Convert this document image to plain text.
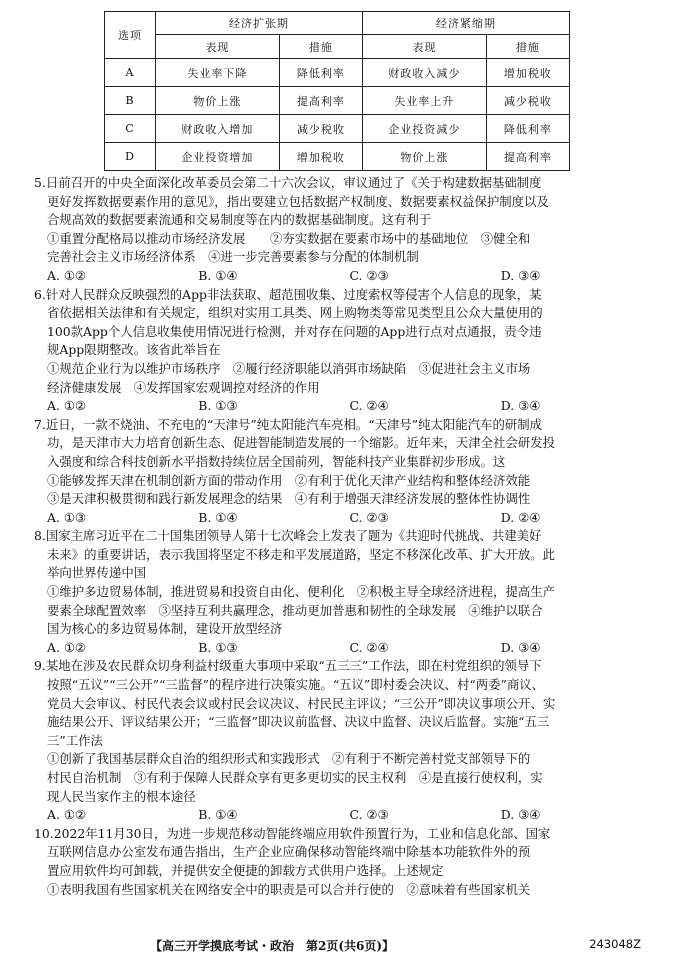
选项	经济扩张期		经济紧缩期	
	表现	措施	表现	措施
A	失业率下降	降低利率	财政收入减少	增加税收
B	物价上涨	提高利率	失业率上升	减少税收
C	财政收入增加	减少税收	企业投资减少	降低利率
D	企业投资增加	增加税收	物价上涨	提高利率

5.日前召开的中央全面深化改革委员会第二十六次会议，审议通过了《关于构建数据基础制度

更好发挥数据要素作用的意见》，指出要建立包括数据产权制度、数据要素权益保护制度以及

合规高效的数据要素流通和交易制度等在内的数据基础制度。这有利于

①重置分配格局以推动市场经济发展　　②夯实数据在要素市场中的基础地位　③健全和

完善社会主义市场经济体系　④进一步完善要素参与分配的体制机制

A. ①②	B. ①④	C. ②③	D. ③④

6.针对人民群众反映强烈的App非法获取、超范围收集、过度索权等侵害个人信息的现象，某

省依据相关法律和有关规定，组织对实用工具类、网上购物类等常见类型且公众大量使用的

100款App个人信息收集使用情况进行检测，并对存在问题的App进行点对点通报，责令违

规App限期整改。该省此举旨在

①规范企业行为以维护市场秩序　②履行经济职能以消弭市场缺陷　③促进社会主义市场

经济健康发展　④发挥国家宏观调控对经济的作用

A. ①②	B. ①③	C. ②④	D. ③④

7.近日，一款不烧油、不充电的“天津号”纯太阳能汽车亮相。“天津号”纯太阳能汽车的研制成

功，是天津市大力培育创新生态、促进智能制造发展的一个缩影。近年来，天津全社会研发投

入强度和综合科技创新水平指数持续位居全国前列，智能科技产业集群初步形成。这

①能够发挥天津在机制创新方面的带动作用　②有利于优化天津产业结构和整体经济效能

③是天津积极贯彻和践行新发展理念的结果　④有利于增强天津经济发展的整体性协调性

A. ①③	B. ①④	C. ②③	D. ②④

8.国家主席习近平在二十国集团领导人第十七次峰会上发表了题为《共迎时代挑战、共建美好

未来》的重要讲话，表示我国将坚定不移走和平发展道路，坚定不移深化改革、扩大开放。此

举向世界传递中国

①维护多边贸易体制，推进贸易和投资自由化、便利化　②积极主导全球经济进程，提高生产

要素全球配置效率　③坚持互利共赢理念，推动更加普惠和韧性的全球发展　④维护以联合

国为核心的多边贸易体制，建设开放型经济

A. ①②	B. ①③	C. ②④	D. ③④

9.某地在涉及农民群众切身利益村级重大事项中采取“五三三”工作法，即在村党组织的领导下

按照“五议”“三公开”“三监督”的程序进行决策实施。“五议”即村委会决议、村“两委”商议、

党员大会审议、村民代表会议或村民会议决议、村民民主评议；“三公开”即决议事项公开、实

施结果公开、评议结果公开；“三监督”即决议前监督、决议中监督、决议后监督。实施“五三

三”工作法

①创新了我国基层群众自治的组织形式和实践形式　②有利于不断完善村党支部领导下的

村民自治机制　③有利于保障人民群众享有更多更切实的民主权利　④是直接行使权利，实

现人民当家作主的根本途径

A. ①②	B. ①④	C. ②③	D. ③④

10.2022年11月30日，为进一步规范移动智能终端应用软件预置行为，工业和信息化部、国家

互联网信息办公室发布通告指出，生产企业应确保移动智能终端中除基本功能软件外的预

置应用软件均可卸载，并提供安全便捷的卸载方式供用户选择。上述规定

①表明我国有些国家机关在网络安全中的职责是可以合并行使的　②意味着有些国家机关

【高三开学摸底考试・政治　第2页(共6页)】	243048Z
